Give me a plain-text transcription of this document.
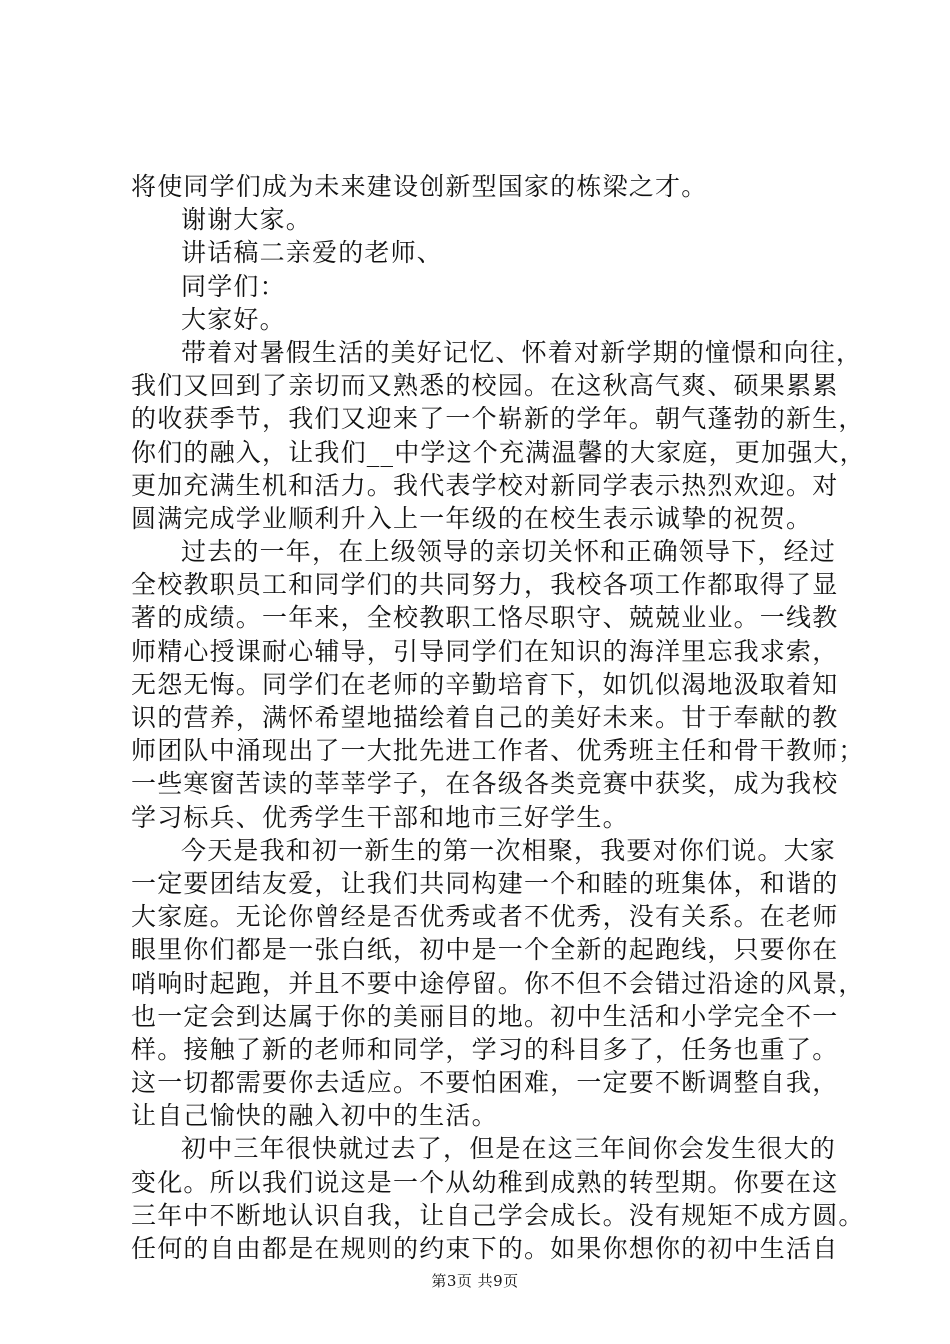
将使同学们成为未来建设创新型国家的栋梁之才。
谢谢大家。
讲话稿二亲爱的老师、
同学们：
大家好。
带着对暑假生活的美好记忆、怀着对新学期的憧憬和向往，
我们又回到了亲切而又熟悉的校园。在这秋高气爽、硕果累累
的收获季节，我们又迎来了一个崭新的学年。朝气蓬勃的新生，
你们的融入，让我们__中学这个充满温馨的大家庭，更加强大，
更加充满生机和活力。我代表学校对新同学表示热烈欢迎。对
圆满完成学业顺利升入上一年级的在校生表示诚挚的祝贺。
过去的一年，在上级领导的亲切关怀和正确领导下，经过
全校教职员工和同学们的共同努力，我校各项工作都取得了显
著的成绩。一年来，全校教职工恪尽职守、兢兢业业。一线教
师精心授课耐心辅导，引导同学们在知识的海洋里忘我求索，
无怨无悔。同学们在老师的辛勤培育下，如饥似渴地汲取着知
识的营养，满怀希望地描绘着自己的美好未来。甘于奉献的教
师团队中涌现出了一大批先进工作者、优秀班主任和骨干教师；
一些寒窗苦读的莘莘学子，在各级各类竞赛中获奖，成为我校
学习标兵、优秀学生干部和地市三好学生。
今天是我和初一新生的第一次相聚，我要对你们说。大家
一定要团结友爱，让我们共同构建一个和睦的班集体，和谐的
大家庭。无论你曾经是否优秀或者不优秀，没有关系。在老师
眼里你们都是一张白纸，初中是一个全新的起跑线，只要你在
哨响时起跑，并且不要中途停留。你不但不会错过沿途的风景，
也一定会到达属于你的美丽目的地。初中生活和小学完全不一
样。接触了新的老师和同学，学习的科目多了，任务也重了。
这一切都需要你去适应。不要怕困难，一定要不断调整自我，
让自己愉快的融入初中的生活。
初中三年很快就过去了，但是在这三年间你会发生很大的
变化。所以我们说这是一个从幼稚到成熟的转型期。你要在这
三年中不断地认识自我，让自己学会成长。没有规矩不成方圆。
任何的自由都是在规则的约束下的。如果你想你的初中生活自
第3页 共9页
